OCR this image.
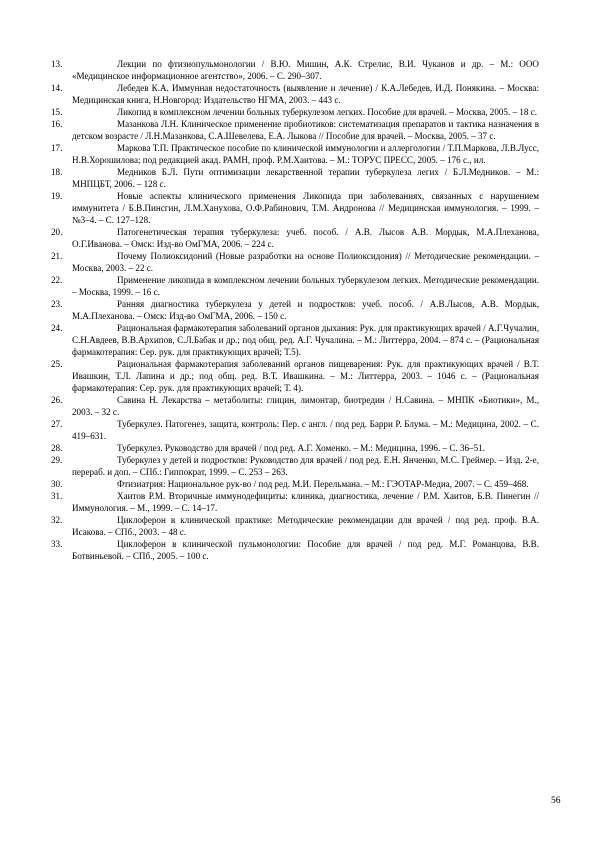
13.	Лекции по фтизиопульмонологии / В.Ю. Мишин, А.К. Стрелис, В.И. Чуканов и др. – М.: ООО «Медицинское информационное агентство», 2006. – С. 290–307.
14.	Лебедев К.А. Иммунная недостаточность (выявление и лечение) / К.А.Лебедев, И.Д. Понякина. – Москва: Медицинская книга, Н.Новгород: Издательство НГМА, 2003. – 443 с.
15.	Ликопид в комплексном лечении больных туберкулезом легких. Пособие для врачей. – Москва, 2005. – 18 с.
16.	Мазанкова Л.Н. Клиническое применение пробиотиков: систематизация препаратов и тактика назначения в детском возрасте / Л.Н.Мазанкова, С.А.Шевелева, Е.А. Лыкова // Пособие для врачей. – Москва, 2005. – 37 с.
17.	Маркова Т.П. Практическое пособие по клинической иммунологии и аллергологии / Т.П.Маркова, Л.В.Лусс, Н.В.Хорошилова; под редакцией акад. РАМН, проф. Р.М.Хаитова. – М.: ТОРУС ПРЕСС, 2005. – 176 с., ил.
18.	Медников Б.Л. Пути оптимизации лекарственной терапии туберкулеза легих / Б.Л.Медников. – М.: МНПЦБТ, 2006. – 128 с.
19.	Новые аспекты клинического применения Ликопида при заболеваниях, связанных с нарушением иммунитета / Б.В.Пинсгин, Л.М.Ханухова, О.Ф.Рабинович, Т.М. Андронова // Медицинская иммунология. – 1999. – №3–4. – С. 127–128.
20.	Патогенетическая терапия туберкулеза: учеб. пособ. / А.В. Лысов А.В. Мордык, М.А.Плеханова, О.Г.Иванова. – Омск: Изд-во ОмГМА, 2006. – 224 с.
21.	Почему Полиоксидоний (Новые разработки на основе Полиоксидония) // Методические рекомендации. – Москва, 2003. – 22 с.
22.	Применение ликопида в комплексном лечении больных туберкулезом легких. Методические рекомендации. – Москва, 1999. – 16 с.
23.	Ранняя диагностика туберкулеза у детей и подростков: учеб. пособ. / А.В.Лысов, А.В. Мордык, М.А.Плеханова. – Омск: Изд-во ОмГМА, 2006. – 150 с.
24.	Рациональная фармакотерапия заболеваний органов дыхания: Рук. для практикующих врачей / А.Г.Чучалин, С.Н.Авдеев, В.В.Архипов, С.Л.Бабак и др.; под общ. ред. А.Г. Чучалина. – М.: Литтерра, 2004. – 874 с. – (Рациональная фармакотерапия: Сер. рук. для практикующих врачей; Т.5).
25.	Рациональная фармакотерапия заболеваний органов пищеварения: Рук. для практикующих врачей / В.Т. Ивашкин, Т.Л. Лапина и др.; под общ. ред. В.Т. Ивашкина. – М.: Литтерра, 2003. – 1046 с. – (Рациональная фармакотерапия: Сер. рук. для практикующих врачей; Т. 4).
26.	Савина Н. Лекарства – метаболиты: глицин, лимонтар, биотредин / Н.Савина. – МНПК «Биотики», М., 2003. – 32 с.
27.	Туберкулез. Патогенез, защита, контроль: Пер. с англ. / под ред. Барри Р. Блума. – М.: Медицина, 2002. – С. 419–631.
28.	Туберкулез. Руководство для врачей / под ред. А.Г. Хоменко. – М.: Медицина, 1996. – С. 36–51.
29.	Туберкулез у детей и подростков: Руководство для врачей / под ред. Е.Н. Янченко, М.С. Греймер. – Изд. 2-е, перераб. и доп. – СПб.: Гиппократ, 1999. – С. 253 – 263.
30.	Фтизиатрия: Национальное рук-во / под ред. М.И. Перельмана. – М.: ГЭОТАР-Медиа, 2007. – С. 459–468.
31.	Хаитов Р.М. Вторичные иммунодефициты: клиника, диагностика, лечение / Р.М. Хаитов, Б.В. Пинегин // Иммунология. – М., 1999. – С. 14–17.
32.	Циклоферон в клинической практике: Методические рекомендации для врачей / под ред. проф. В.А. Исакова. – СПб., 2003. – 48 с.
33.	Циклоферон в клинической пульмонологии: Пособие для врачей / под ред. М.Г. Романцова, В.В. Ботвиньевой. – СПб., 2005. – 100 с.
56
